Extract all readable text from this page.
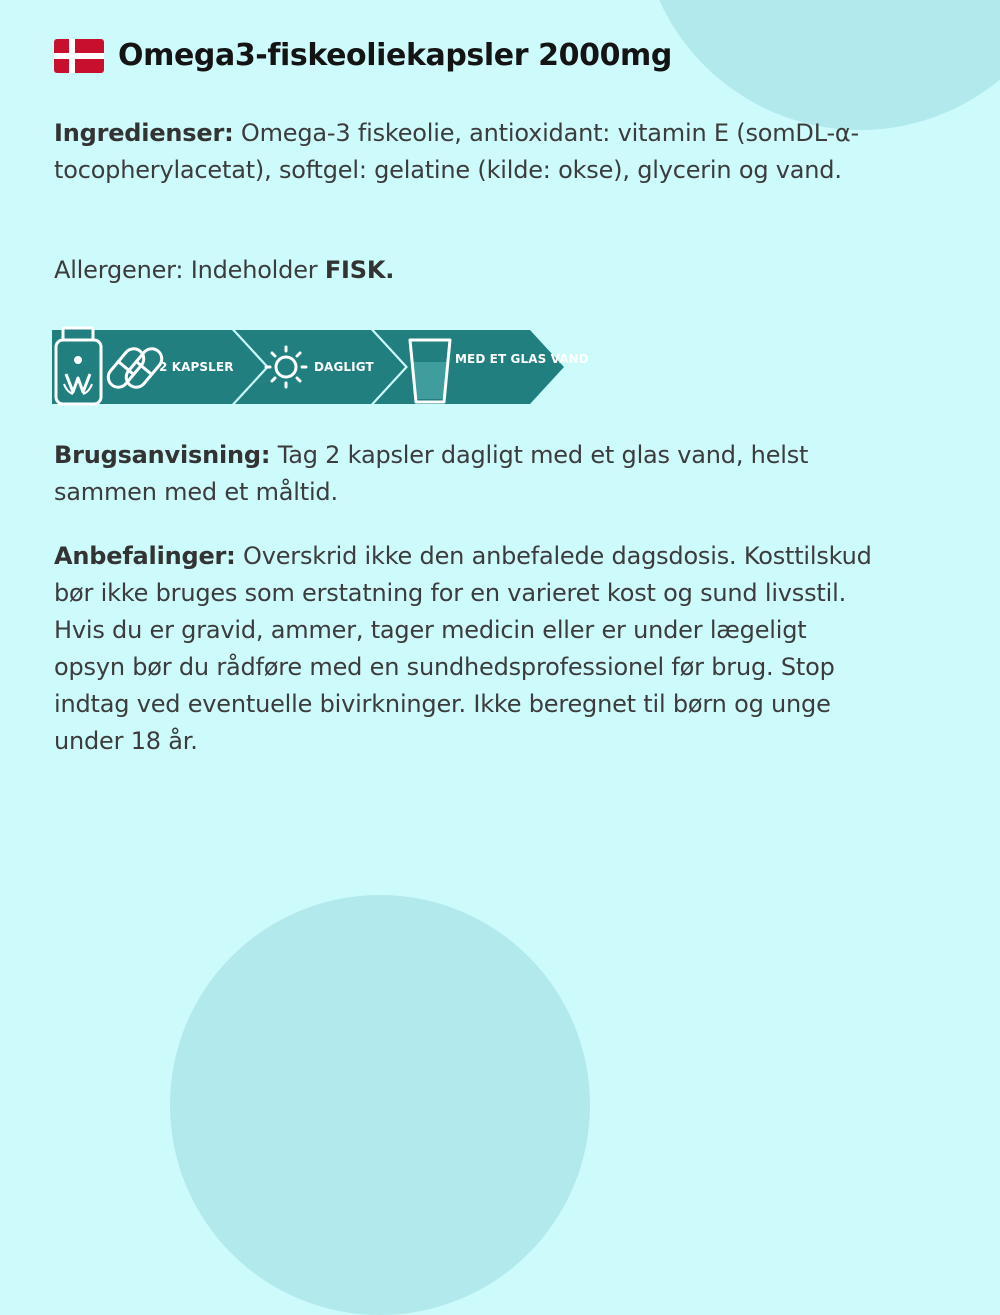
Omega3-fiskeoliekapsler 2000mg

Ingredienser: Omega-3 fiskeolie, antioxidant: vitamin E (somDL-α-tocopherylacetat), softgel: gelatine (kilde: okse), glycerin og vand.

Allergener: Indeholder FISK.

2 KAPSLER	DAGLIGT
MED ET GLAS VAND

Brugsanvisning: Tag 2 kapsler dagligt med et glas vand, helst sammen med et måltid.

Anbefalinger: Overskrid ikke den anbefalede dagsdosis. Kosttilskud bør ikke bruges som erstatning for en varieret kost og sund livsstil. Hvis du er gravid, ammer, tager medicin eller er under lægeligt opsyn bør du rådføre med en sundhedsprofessionel før brug. Stop indtag ved eventuelle bivirkninger. Ikke beregnet til børn og unge under 18 år.
